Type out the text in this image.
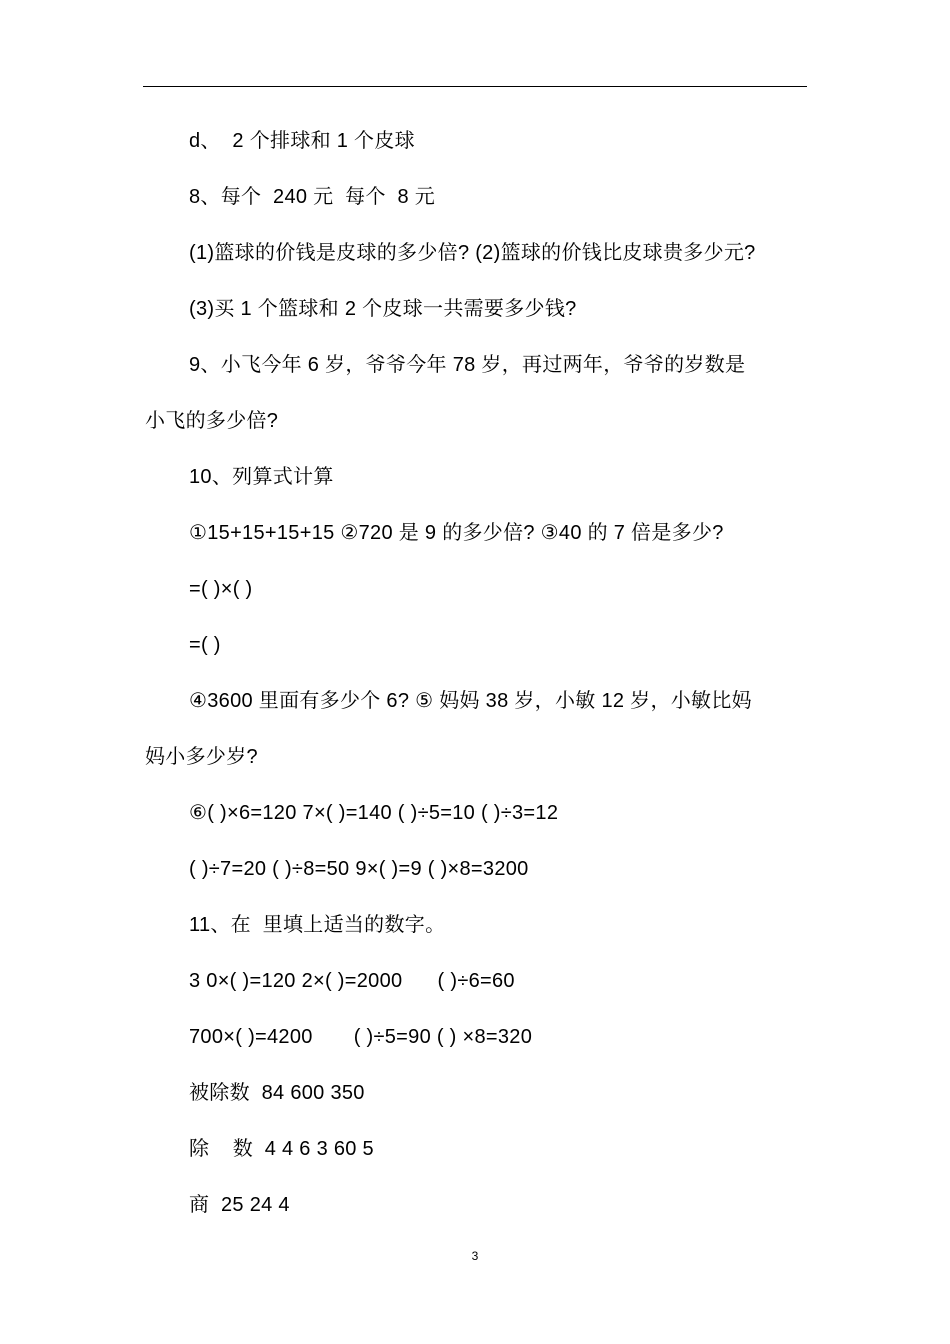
d、  2 个排球和 1 个皮球
8、每个  240 元  每个  8 元
(1)篮球的价钱是皮球的多少倍? (2)篮球的价钱比皮球贵多少元?
(3)买 1 个篮球和 2 个皮球一共需要多少钱?
9、小飞今年 6 岁，爷爷今年 78 岁，再过两年，爷爷的岁数是
小飞的多少倍?
10、列算式计算
①15+15+15+15 ②720 是 9 的多少倍? ③40 的 7 倍是多少?
=( )×( )
=( )
④3600 里面有多少个 6? ⑤ 妈妈 38 岁，小敏 12 岁，小敏比妈
妈小多少岁?
⑥( )×6=120 7×( )=140 ( )÷5=10 ( )÷3=12
( )÷7=20 ( )÷8=50 9×( )=9 ( )×8=3200
11、在  里填上适当的数字。
3 0×( )=120 2×( )=2000      ( )÷6=60
700×( )=4200       ( )÷5=90 ( ) ×8=320
被除数  84 600 350
除    数  4 4 6 3 60 5
商  25 24 4
3
